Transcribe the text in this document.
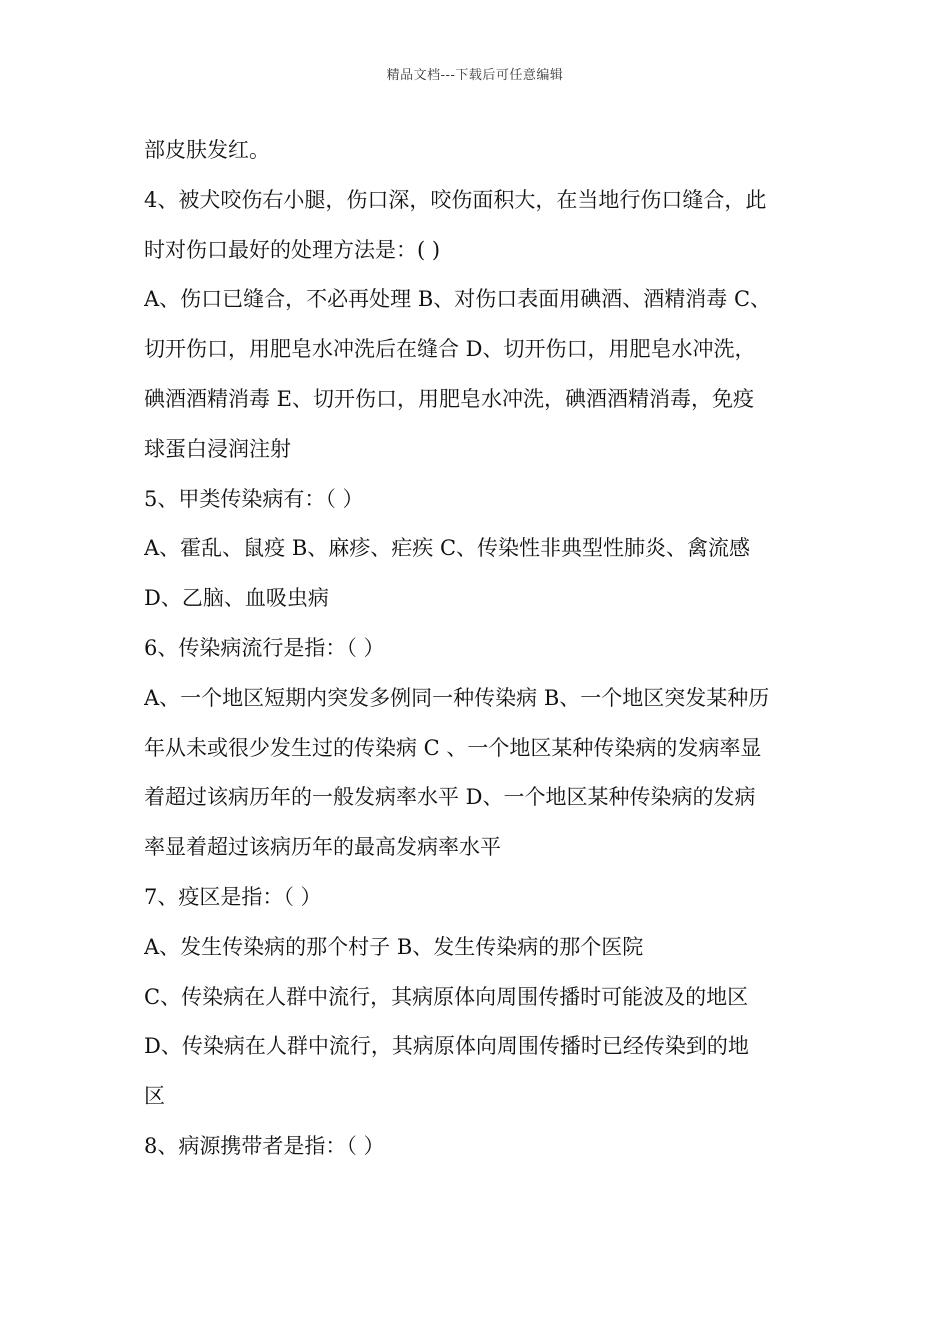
精品文档---下载后可任意编辑
部皮肤发红。
4、被犬咬伤右小腿，伤口深，咬伤面积大，在当地行伤口缝合，此
时对伤口最好的处理方法是：( )
A、伤口已缝合，不必再处理 B、对伤口表面用碘酒、酒精消毒 C、
切开伤口，用肥皂水冲洗后在缝合 D、切开伤口，用肥皂水冲洗，
碘酒酒精消毒 E、切开伤口，用肥皂水冲洗，碘酒酒精消毒，免疫
球蛋白浸润注射
5、甲类传染病有：（ ）
A、霍乱、鼠疫 B、麻疹、疟疾 C、传染性非典型性肺炎、禽流感
D、乙脑、血吸虫病
6、传染病流行是指：（ ）
A、一个地区短期内突发多例同一种传染病 B、一个地区突发某种历
年从未或很少发生过的传染病 C 、一个地区某种传染病的发病率显
着超过该病历年的一般发病率水平 D、一个地区某种传染病的发病
率显着超过该病历年的最高发病率水平
7、疫区是指：（ ）
A、发生传染病的那个村子 B、发生传染病的那个医院
C、传染病在人群中流行，其病原体向周围传播时可能波及的地区
D、传染病在人群中流行，其病原体向周围传播时已经传染到的地
区
8、病源携带者是指：（ ）
